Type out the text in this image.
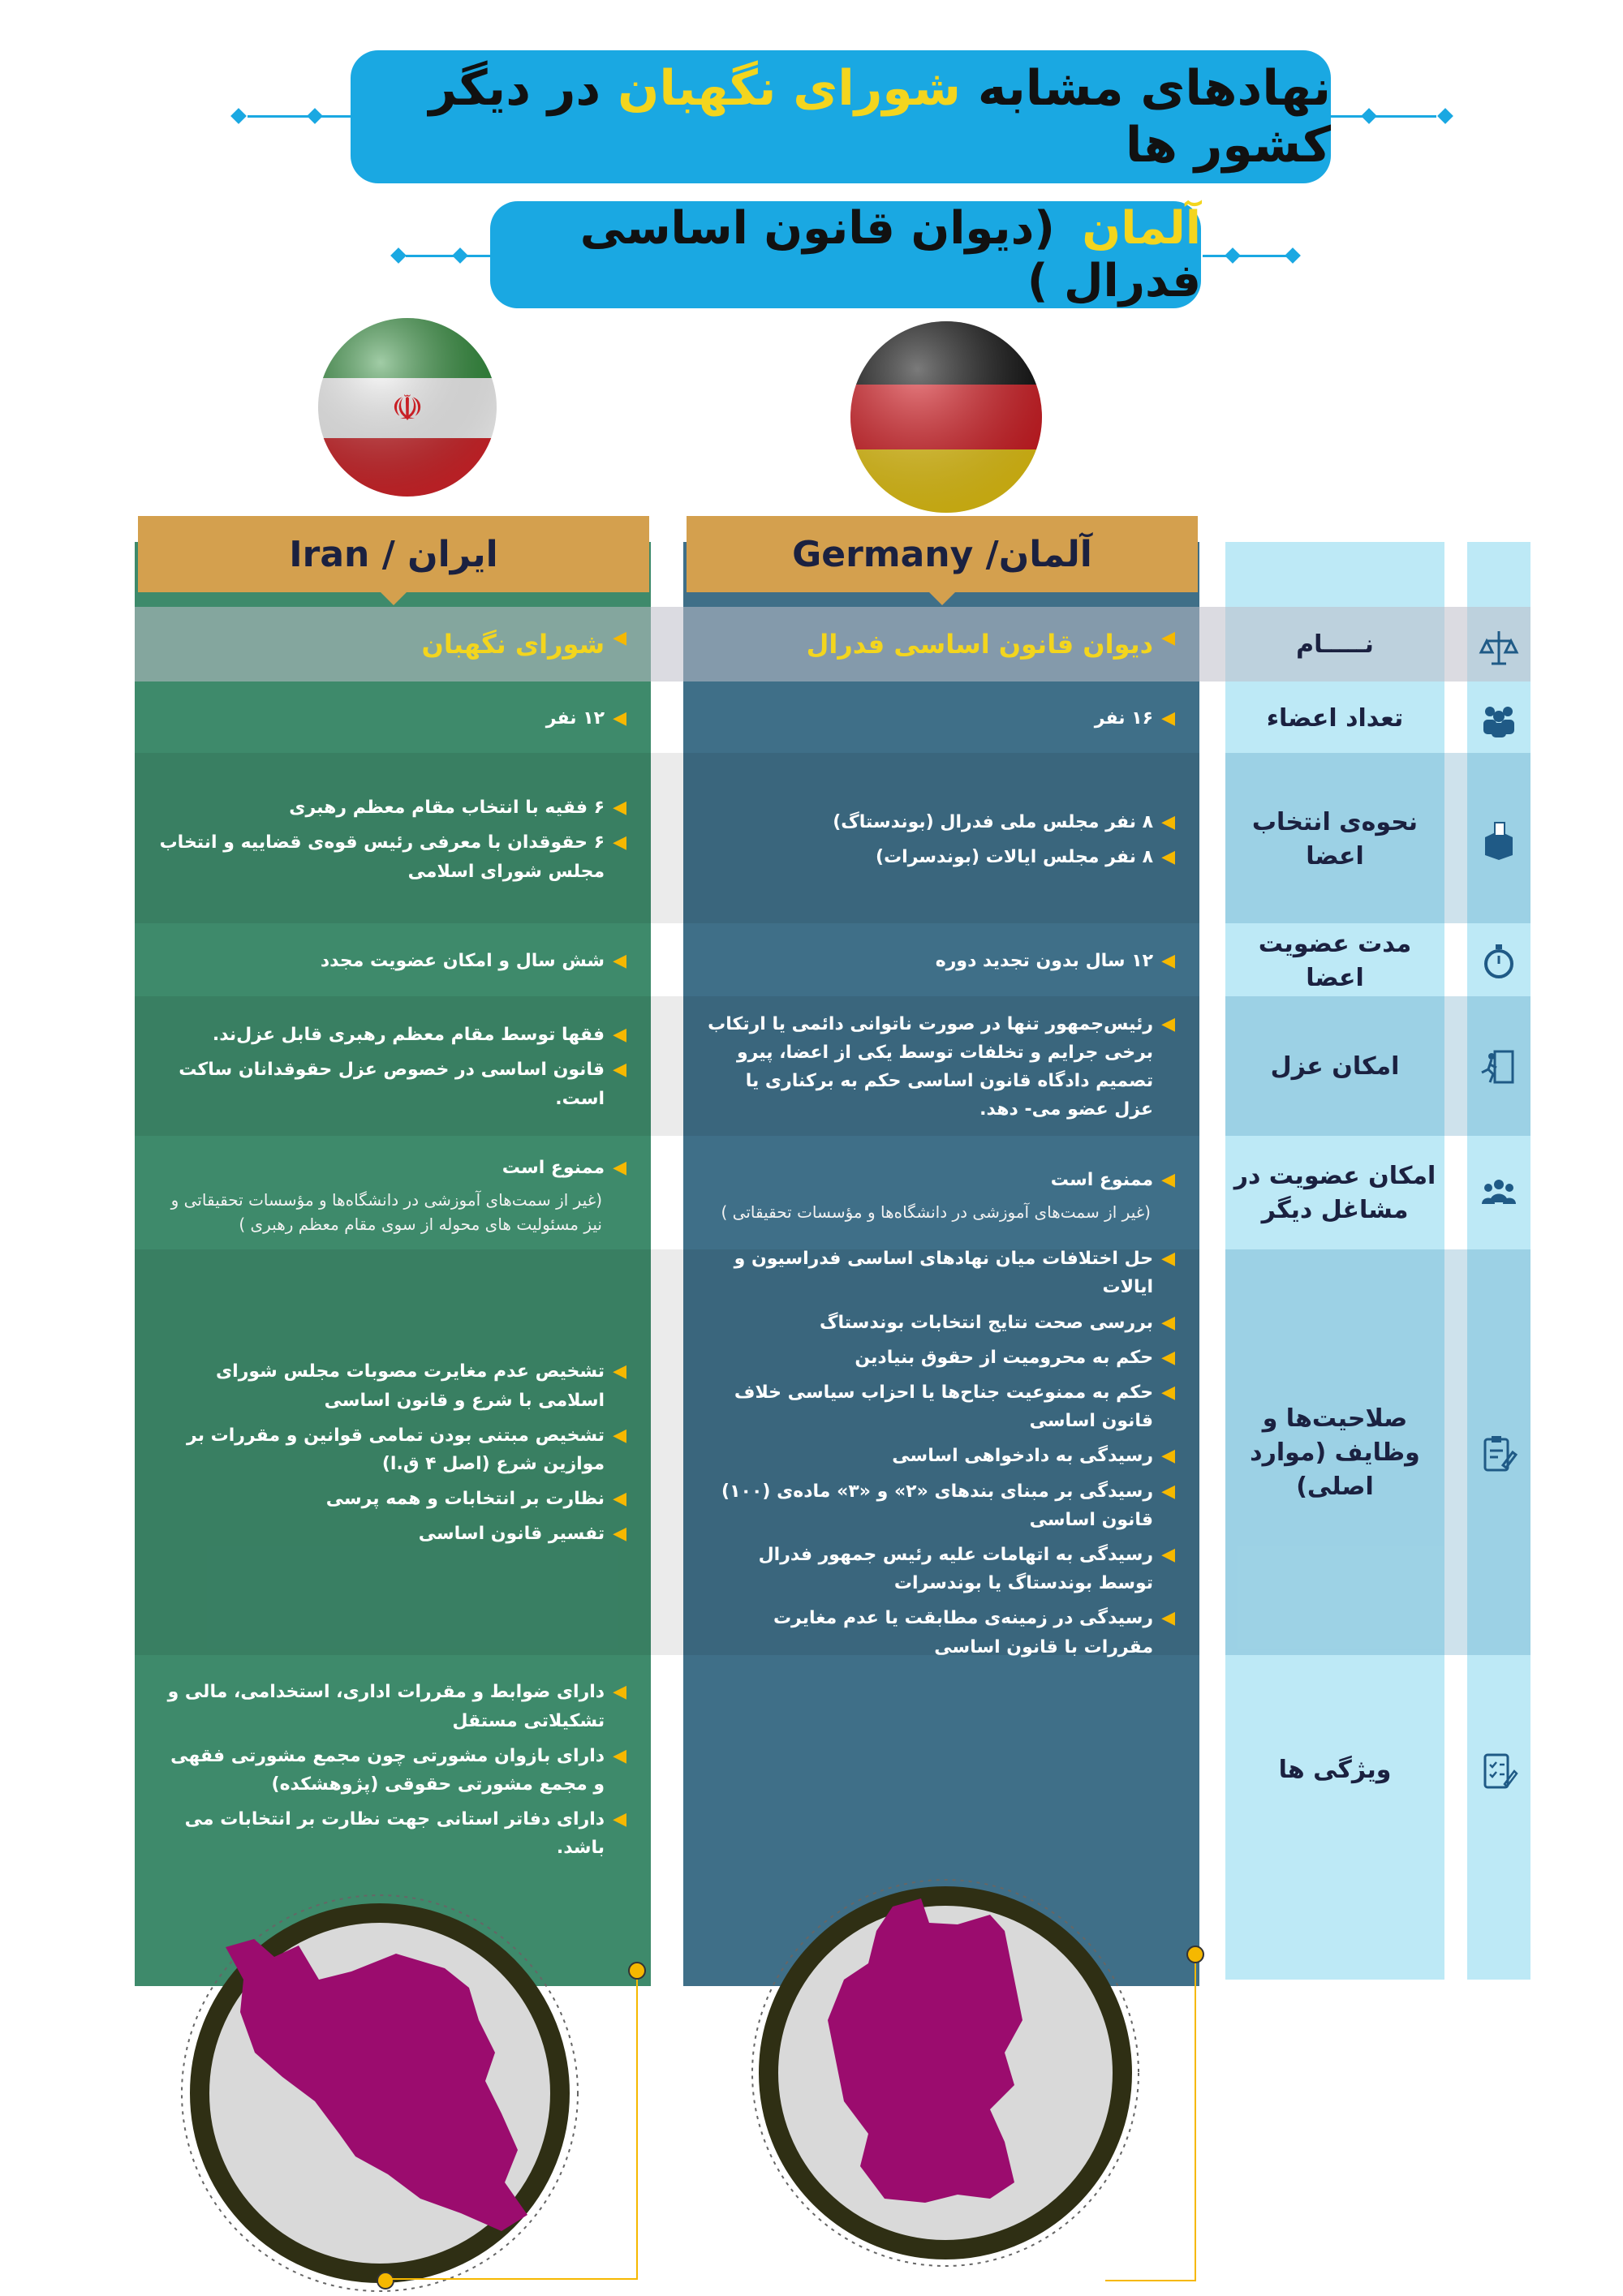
نهادهای مشابه شورای نگهبان در دیگر کشور ها
آلمان (دیوان قانون اساسی فدرال )
☫
ایران / Iran	آلمان/ Germany
نـــــام
◀
دیوان قانون اساسی فدرال
◀
شورای نگهبان
تعداد اعضاء
◀
۱۶ نفر
◀
۱۲ نفر
نحوه‌ی انتخاب اعضا
◀
۸ نفر مجلس ملی فدرال (بوندستاگ)
◀
۸ نفر مجلس ایالات (بوندسرات)
◀
۶ فقیه با انتخاب مقام معظم رهبری
◀
۶ حقوقدان با معرفی رئیس قوه‌ی قضاییه و انتخاب مجلس شورای اسلامی
مدت عضویت اعضا
◀
۱۲ سال بدون تجدید دوره
◀
شش سال و امکان عضویت مجدد
امکان عزل
◀
رئیس‌جمهور تنها در صورت ناتوانی دائمی یا ارتکاب برخی جرایم و تخلفات توسط یکی از اعضا، پیرو تصمیم دادگاه قانون اساسی حکم به برکناری یا عزل عضو می- دهد.
◀
فقها توسط مقام معظم رهبری قابل عزل‌ند.
◀
قانون اساسی در خصوص عزل حقوقدانان ساکت است.
امکان عضویت در مشاغل دیگر
◀
ممنوع است
(غیر از سمت‌های آموزشی در دانشگاه‌ها و مؤسسات تحقیقاتی )
◀
ممنوع است
(غیر از سمت‌های آموزشی در دانشگاه‌ها و مؤسسات تحقیقاتی و نیز مسئولیت های محوله از سوی مقام معظم رهبری )
صلاحیت‌ها و وظایف (موارد اصلی)
◀
حل اختلافات میان نهادهای اساسی فدراسیون و ایالات
◀
بررسی صحت نتایج انتخابات بوندستاگ
◀
حکم به محرومیت از حقوق بنیادین
◀
حکم به ممنوعیت جناح‌ها یا احزاب سیاسی خلاف قانون اساسی
◀
رسیدگی به دادخواهی اساسی
◀
رسیدگی بر مبنای بندهای «۲» و «۳» ماده‌ی (۱۰۰) قانون اساسی
◀
رسیدگی به اتهامات علیه رئیس جمهور فدرال توسط بوندستاگ یا بوندسرات
◀
رسیدگی در زمینه‌ی مطابقت یا عدم مغایرت مقررات با قانون اساسی
◀
تشخیص عدم مغایرت مصوبات مجلس شورای اسلامی با شرع و قانون اساسی
◀
تشخیص مبتنی بودن تمامی قوانین و مقررات بر موازین شرع (اصل ۴ ق.ا)
◀
نظارت بر انتخابات و همه پرسی
◀
تفسیر قانون اساسی
ویژگی ها
◀
دارای ضوابط و مقررات اداری، استخدامی، مالی و تشکیلاتی مستقل
◀
دارای بازوان مشورتی چون مجمع مشورتی فقهی و مجمع مشورتی حقوقی (پژوهشکده)
◀
دارای دفاتر استانی جهت نظارت بر انتخابات می باشد.
